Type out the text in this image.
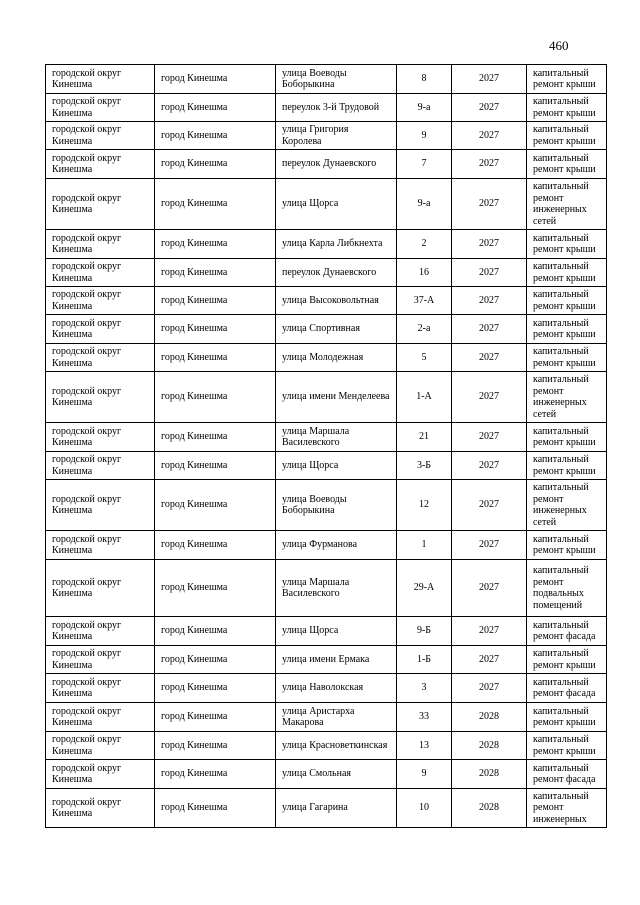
460
городской округ Кинешма	город Кинешма	улица Воеводы Боборыкина	8	2027	капитальный ремонт крыши
городской округ Кинешма	город Кинешма	переулок 3-й Трудовой	9-а	2027	капитальный ремонт крыши
городской округ Кинешма	город Кинешма	улица Григория Королева	9	2027	капитальный ремонт крыши
городской округ Кинешма	город Кинешма	переулок Дунаевского	7	2027	капитальный ремонт крыши
городской округ Кинешма	город Кинешма	улица Щорса	9-а	2027	капитальный ремонт инженерных сетей
городской округ Кинешма	город Кинешма	улица Карла Либкнехта	2	2027	капитальный ремонт крыши
городской округ Кинешма	город Кинешма	переулок Дунаевского	16	2027	капитальный ремонт крыши
городской округ Кинешма	город Кинешма	улица Высоковольтная	37-А	2027	капитальный ремонт крыши
городской округ Кинешма	город Кинешма	улица Спортивная	2-а	2027	капитальный ремонт крыши
городской округ Кинешма	город Кинешма	улица Молодежная	5	2027	капитальный ремонт крыши
городской округ Кинешма	город Кинешма	улица имени Менделеева	1-А	2027	капитальный ремонт инженерных сетей
городской округ Кинешма	город Кинешма	улица Маршала Василевского	21	2027	капитальный ремонт крыши
городской округ Кинешма	город Кинешма	улица Щорса	3-Б	2027	капитальный ремонт крыши
городской округ Кинешма	город Кинешма	улица Воеводы Боборыкина	12	2027	капитальный ремонт инженерных сетей
городской округ Кинешма	город Кинешма	улица Фурманова	1	2027	капитальный ремонт крыши
городской округ Кинешма	город Кинешма	улица Маршала Василевского	29-А	2027	капитальный ремонт подвальных помещений
городской округ Кинешма	город Кинешма	улица Щорса	9-Б	2027	капитальный ремонт фасада
городской округ Кинешма	город Кинешма	улица имени Ермака	1-Б	2027	капитальный ремонт крыши
городской округ Кинешма	город Кинешма	улица Наволокская	3	2027	капитальный ремонт фасада
городской округ Кинешма	город Кинешма	улица Аристарха Макарова	33	2028	капитальный ремонт крыши
городской округ Кинешма	город Кинешма	улица Красноветкинская	13	2028	капитальный ремонт крыши
городской округ Кинешма	город Кинешма	улица Смольная	9	2028	капитальный ремонт фасада
городской округ Кинешма	город Кинешма	улица Гагарина	10	2028	капитальный ремонт инженерных
